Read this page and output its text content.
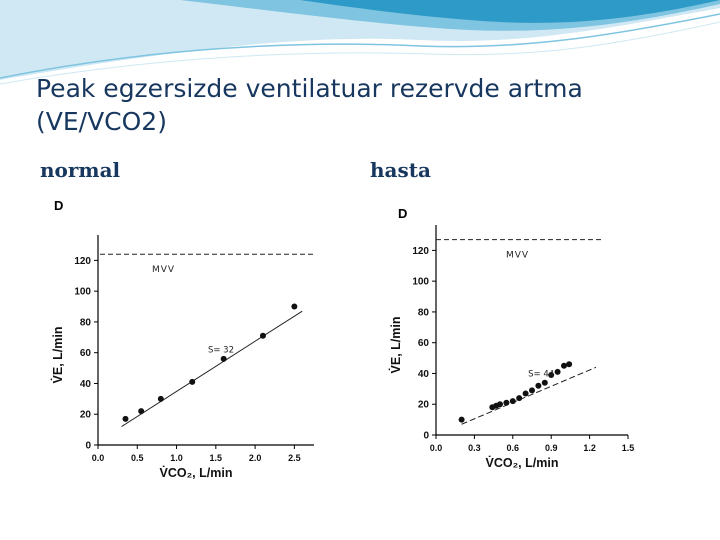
Peak egzersizde ventilatuar rezervde artma (VE/VCO2)
normal	hasta
D
0
20
40
60
80
100
120
0.0	0.5	1.0	1.5	2.0	2.5
V̇CO₂, L/min
V̇E, L/min
MVV
S= 32
D
0
20
40
60
80
100
120
0.0	0.3	0.6	0.9	1.2	1.5
V̇CO₂, L/min
V̇E, L/min
MVV
S= 44
